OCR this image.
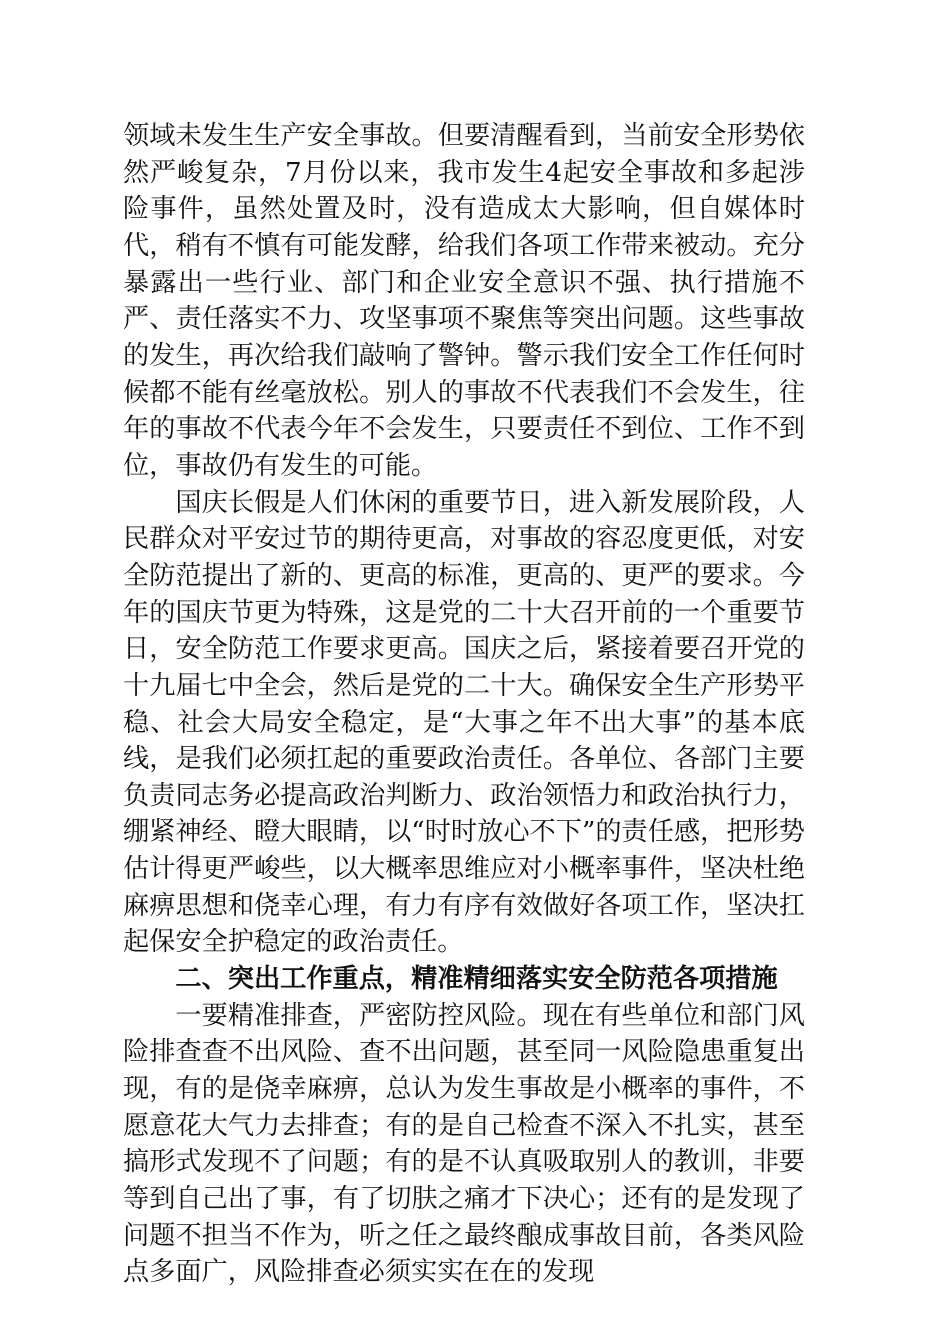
领域未发生生产安全事故。但要清醒看到，当前安全形势依然严峻复杂，7月份以来，我市发生4起安全事故和多起涉险事件，虽然处置及时，没有造成太大影响，但自媒体时代，稍有不慎有可能发酵，给我们各项工作带来被动。充分暴露出一些行业、部门和企业安全意识不强、执行措施不严、责任落实不力、攻坚事项不聚焦等突出问题。这些事故的发生，再次给我们敲响了警钟。警示我们安全工作任何时候都不能有丝毫放松。别人的事故不代表我们不会发生，往年的事故不代表今年不会发生，只要责任不到位、工作不到位，事故仍有发生的可能。

国庆长假是人们休闲的重要节日，进入新发展阶段，人民群众对平安过节的期待更高，对事故的容忍度更低，对安全防范提出了新的、更高的标准，更高的、更严的要求。今年的国庆节更为特殊，这是党的二十大召开前的一个重要节日，安全防范工作要求更高。国庆之后，紧接着要召开党的十九届七中全会，然后是党的二十大。确保安全生产形势平稳、社会大局安全稳定，是“大事之年不出大事”的基本底线，是我们必须扛起的重要政治责任。各单位、各部门主要负责同志务必提高政治判断力、政治领悟力和政治执行力，绷紧神经、瞪大眼睛，以“时时放心不下”的责任感，把形势估计得更严峻些，以大概率思维应对小概率事件，坚决杜绝麻痹思想和侥幸心理，有力有序有效做好各项工作，坚决扛起保安全护稳定的政治责任。

二、突出工作重点，精准精细落实安全防范各项措施

一要精准排查，严密防控风险。现在有些单位和部门风险排查查不出风险、查不出问题，甚至同一风险隐患重复出现，有的是侥幸麻痹，总认为发生事故是小概率的事件，不愿意花大气力去排查；有的是自己检查不深入不扎实，甚至搞形式发现不了问题；有的是不认真吸取别人的教训，非要等到自己出了事，有了切肤之痛才下决心；还有的是发现了问题不担当不作为，听之任之最终酿成事故目前，各类风险点多面广，风险排查必须实实在在的发现
